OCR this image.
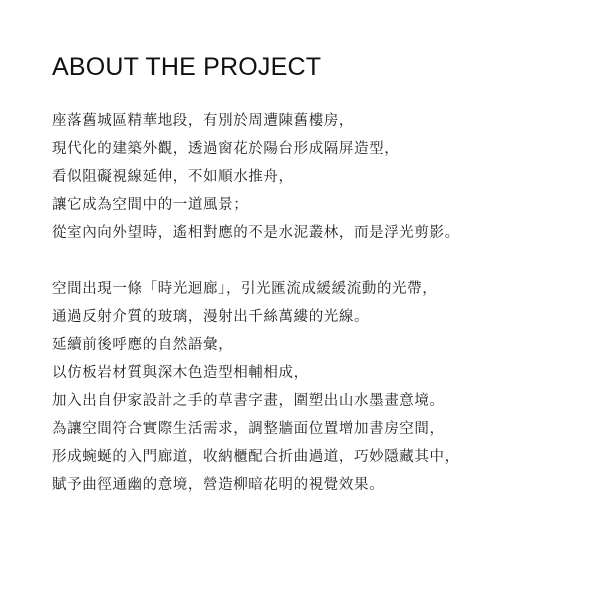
ABOUT THE PROJECT
座落舊城區精華地段，有別於周遭陳舊樓房，
現代化的建築外觀，透過窗花於陽台形成隔屏造型，
看似阻礙視線延伸，不如順水推舟，
讓它成為空間中的一道風景；
從室內向外望時，遙相對應的不是水泥叢林，而是浮光剪影。
空間出現一條「時光迴廊」，引光匯流成緩緩流動的光帶，
通過反射介質的玻璃，漫射出千絲萬縷的光線。
延續前後呼應的自然語彙，
以仿板岩材質與深木色造型相輔相成，
加入出自伊家設計之手的草書字畫，圍塑出山水墨畫意境。
為讓空間符合實際生活需求，調整牆面位置增加書房空間，
形成蜿蜒的入門廊道，收納櫃配合折曲過道，巧妙隱藏其中，
賦予曲徑通幽的意境，營造柳暗花明的視覺效果。
